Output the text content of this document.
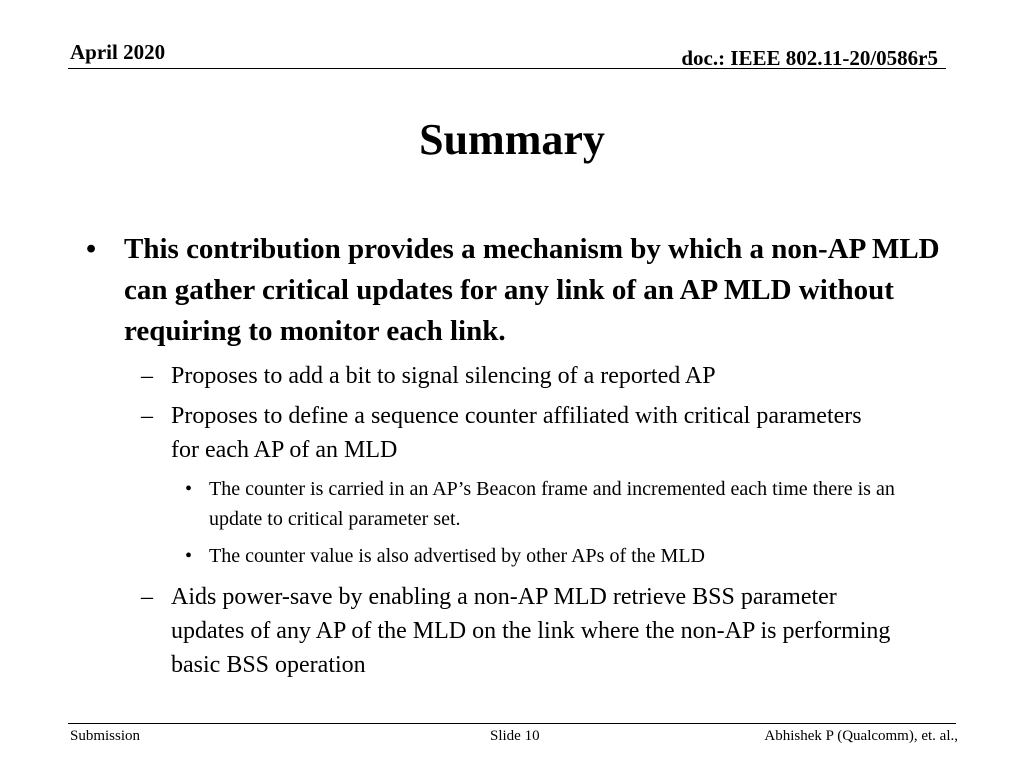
April 2020	doc.: IEEE 802.11-20/0586r5
Summary
• This contribution provides a mechanism by which a non-AP MLD can gather critical updates for any link of an AP MLD without requiring to monitor each link.
– Proposes to add a bit to signal silencing of a reported AP
– Proposes to define a sequence counter affiliated with critical parameters for each AP of an MLD
• The counter is carried in an AP’s Beacon frame and incremented each time there is an update to critical parameter set.
• The counter value is also advertised by other APs of the MLD
– Aids power-save by enabling a non-AP MLD retrieve BSS parameter updates of any AP of the MLD on the link where the non-AP is performing basic BSS operation
Submission	Slide 10	Abhishek P (Qualcomm), et. al.,
